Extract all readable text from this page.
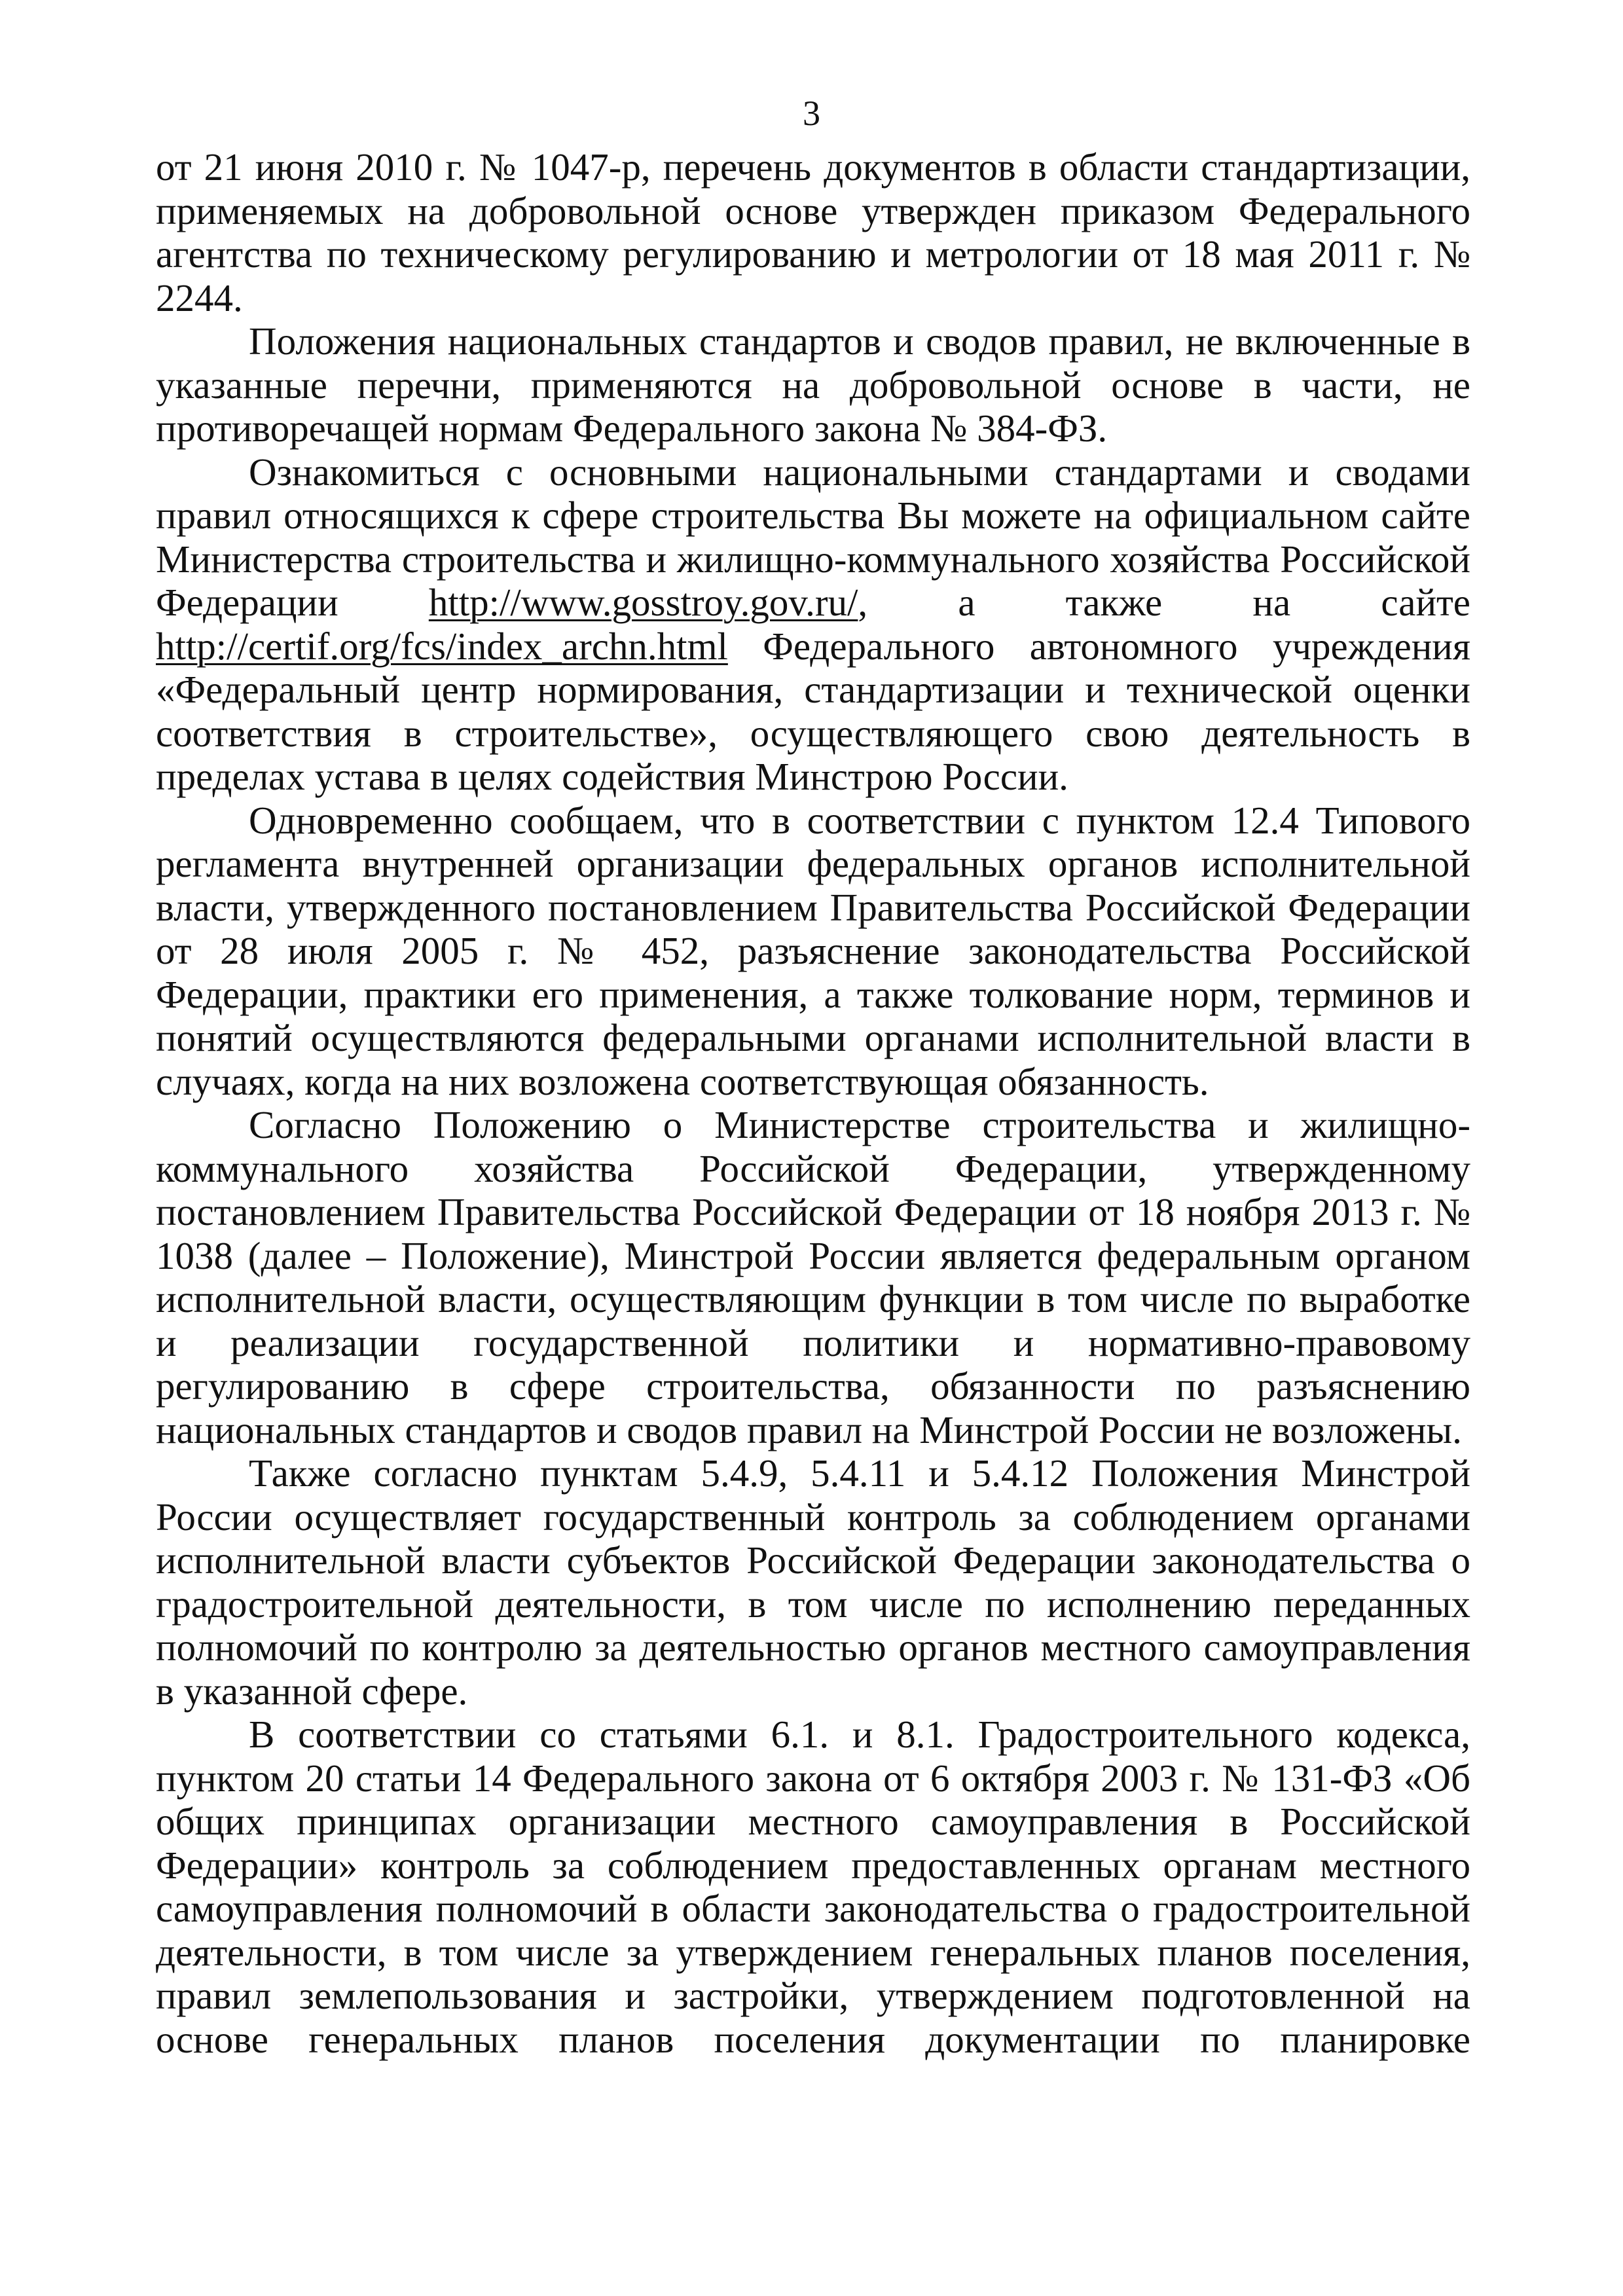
3

от 21 июня 2010 г. № 1047-р, перечень документов в области стандартизации, применяемых на добровольной основе утвержден приказом Федерального агентства по техническому регулированию и метрологии от 18 мая 2011 г. № 2244.

Положения национальных стандартов и сводов правил, не включенные в указанные перечни, применяются на добровольной основе в части, не противоречащей нормам Федерального закона № 384-ФЗ.

Ознакомиться с основными национальными стандартами и сводами правил относящихся к сфере строительства Вы можете на официальном сайте Министерства строительства и жилищно-коммунального хозяйства Российской Федерации http://www.gosstroy.gov.ru/, а также на сайте http://certif.org/fcs/index_archn.html Федерального автономного учреждения «Федеральный центр нормирования, стандартизации и технической оценки соответствия в строительстве», осуществляющего свою деятельность в пределах устава в целях содействия Минстрою России.

Одновременно сообщаем, что в соответствии с пунктом 12.4 Типового регламента внутренней организации федеральных органов исполнительной власти, утвержденного постановлением Правительства Российской Федерации от 28 июля 2005 г. № 452, разъяснение законодательства Российской Федерации, практики его применения, а также толкование норм, терминов и понятий осуществляются федеральными органами исполнительной власти в случаях, когда на них возложена соответствующая обязанность.

Согласно Положению о Министерстве строительства и жилищно-коммунального хозяйства Российской Федерации, утвержденному постановлением Правительства Российской Федерации от 18 ноября 2013 г. № 1038 (далее – Положение), Минстрой России является федеральным органом исполнительной власти, осуществляющим функции в том числе по выработке и реализации государственной политики и нормативно-правовому регулированию в сфере строительства, обязанности по разъяснению национальных стандартов и сводов правил на Минстрой России не возложены.

Также согласно пунктам 5.4.9, 5.4.11 и 5.4.12 Положения Минстрой России осуществляет государственный контроль за соблюдением органами исполнительной власти субъектов Российской Федерации законодательства о градостроительной деятельности, в том числе по исполнению переданных полномочий по контролю за деятельностью органов местного самоуправления в указанной сфере.

В соответствии со статьями 6.1. и 8.1. Градостроительного кодекса, пунктом 20 статьи 14 Федерального закона от 6 октября 2003 г. № 131-ФЗ «Об общих принципах организации местного самоуправления в Российской Федерации» контроль за соблюдением предоставленных органам местного самоуправления полномочий в области законодательства о градостроительной деятельности, в том числе за утверждением генеральных планов поселения, правил землепользования и застройки, утверждением подготовленной на основе генеральных планов поселения документации по планировке
